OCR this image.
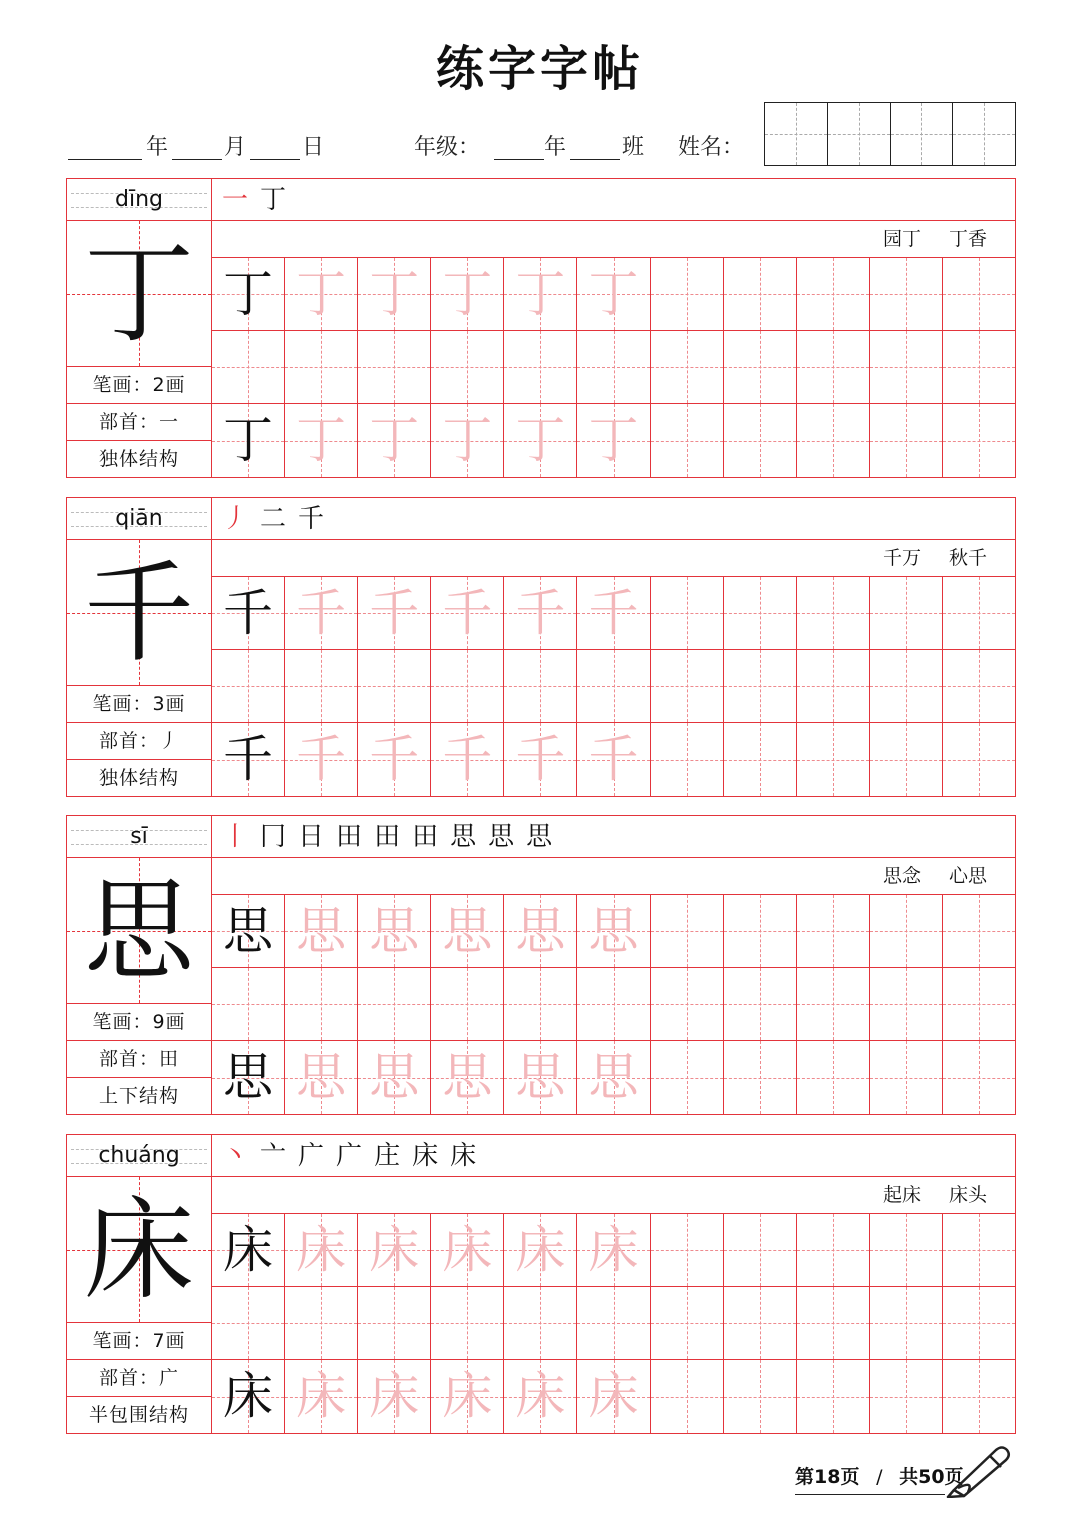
练字字帖
年	月	日	年级：	年	班 姓名：
dīng
丁
笔画：2画
部首：一
独体结构
一 丁
园丁 丁香
丁 丁 丁 丁 丁 丁
丁 丁 丁 丁 丁 丁
qiān
千
笔画：3画
部首：丿
独体结构
丿 二 千
千万 秋千
千 千 千 千 千 千
千 千 千 千 千 千
sī
思
笔画：9画
部首：田
上下结构
丨 冂 日 田 田 田 思 思 思
思念 心思
思 思 思 思 思 思
思 思 思 思 思 思
chuáng
床
笔画：7画
部首：广
半包围结构
丶 亠 广 广 庄 床 床
起床 床头
床 床 床 床 床 床
床 床 床 床 床 床
第18页 / 共50页
